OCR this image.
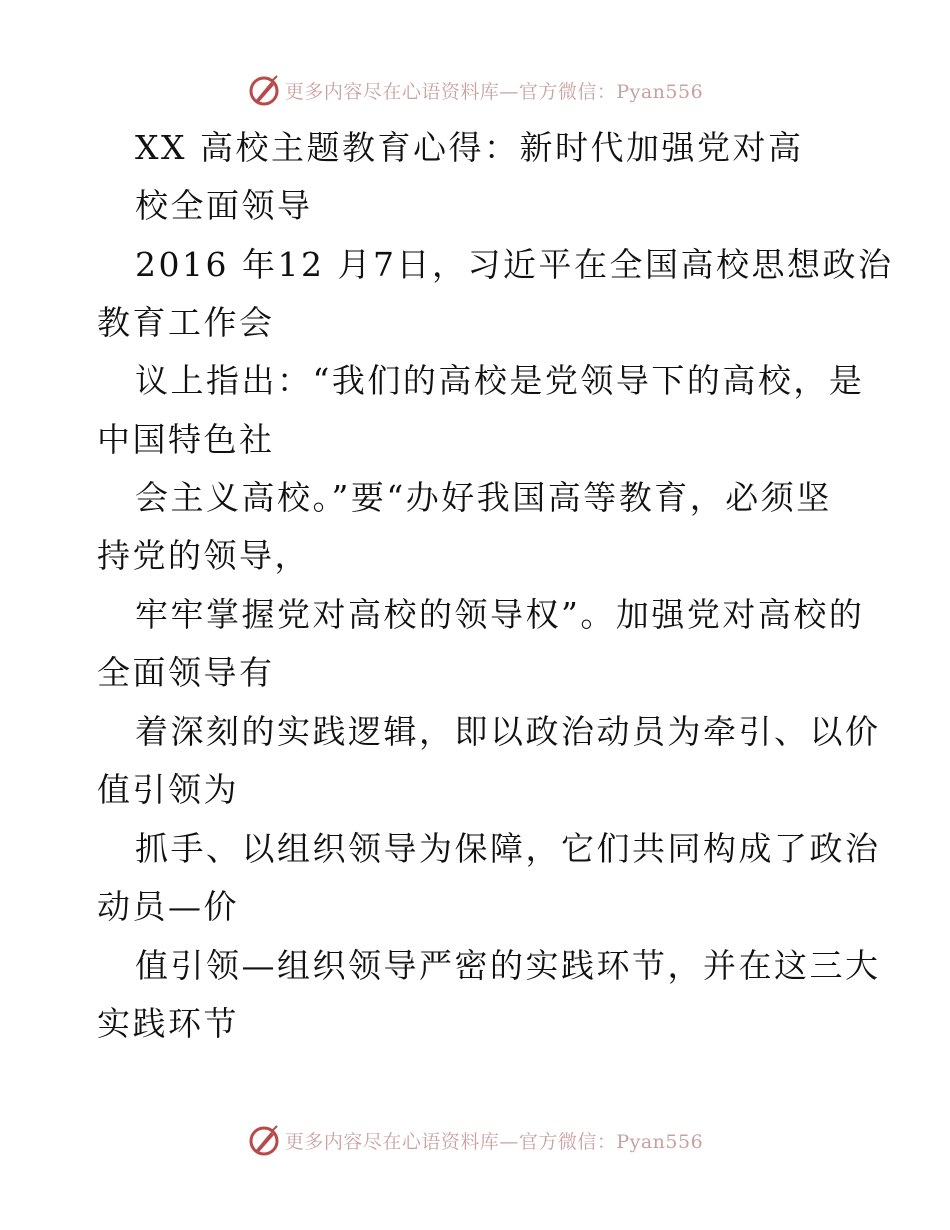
更多内容尽在心语资料库—官方微信：Pyan556
XX 高校主题教育心得：新时代加强党对高
校全面领导
2016 年12 月7日，习近平在全国高校思想政治
教育工作会
议上指出：“我们的高校是党领导下的高校，是
中国特色社
会主义高校。”要“办好我国高等教育，必须坚
持党的领导，
牢牢掌握党对高校的领导权”。加强党对高校的
全面领导有
着深刻的实践逻辑，即以政治动员为牵引、以价
值引领为
抓手、以组织领导为保障，它们共同构成了政治
动员—价
值引领—组织领导严密的实践环节，并在这三大
实践环节
更多内容尽在心语资料库—官方微信：Pyan556
